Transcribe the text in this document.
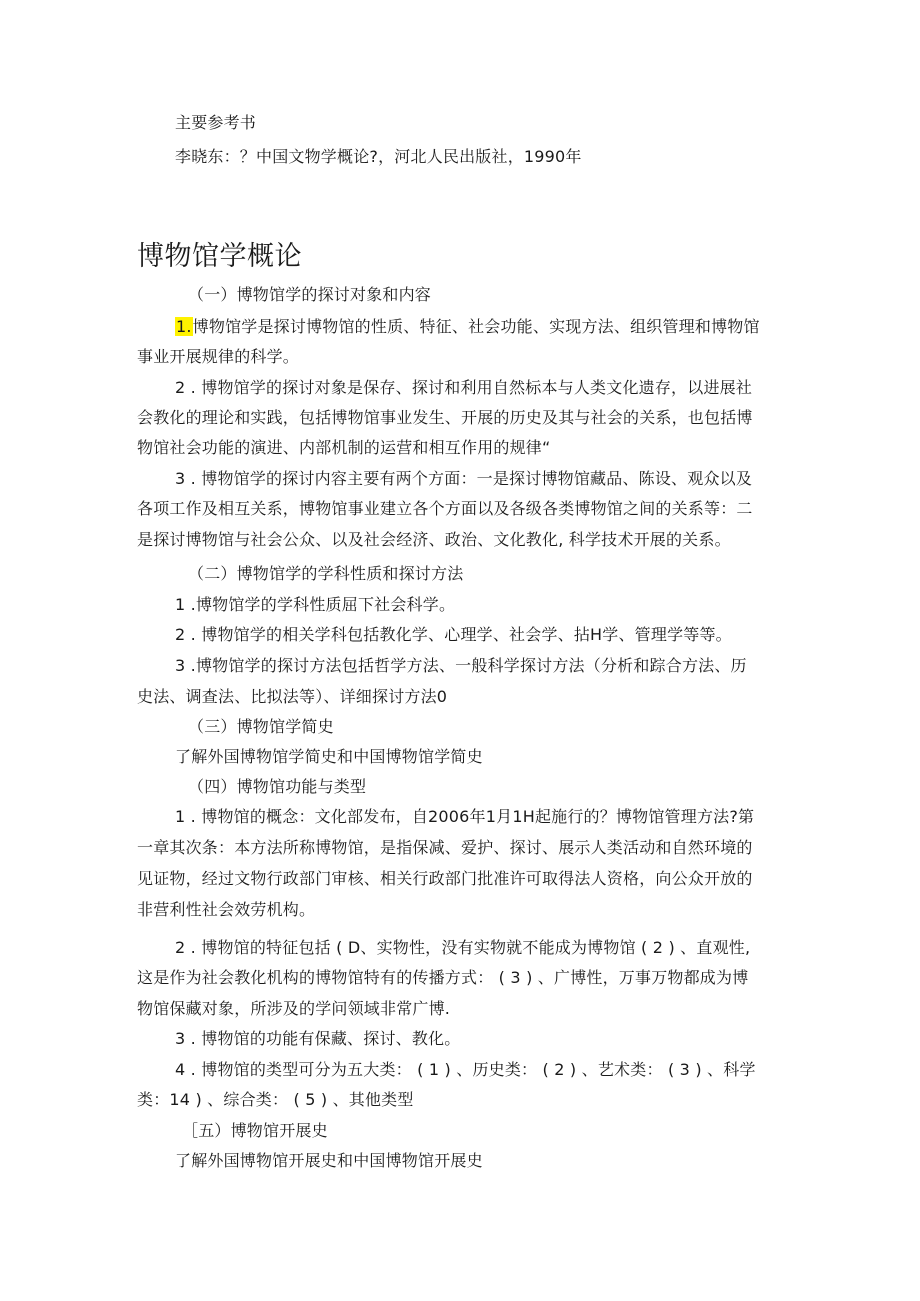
主要参考书
李晓东：？中国文物学概论?，河北人民出版社，1990年
博物馆学概论
（一）博物馆学的探讨对象和内容
1.博物馆学是探讨博物馆的性质、特征、社会功能、实现方法、组织管理和博物馆
事业开展规律的科学。
2 . 博物馆学的探讨对象是保存、探讨和利用自然标本与人类文化遗存，以进展社
会教化的理论和实践，包括博物馆事业发生、开展的历史及其与社会的关系，也包括博
物馆社会功能的演进、内部机制的运营和相互作用的规律“
3 . 博物馆学的探讨内容主要有两个方面：一是探讨博物馆藏品、陈设、观众以及
各项工作及相互关系，博物馆事业建立各个方面以及各级各类博物馆之间的关系等：二
是探讨博物馆与社会公众、以及社会经济、政治、文化教化, 科学技术开展的关系。
（二）博物馆学的学科性质和探讨方法
1 .博物馆学的学科性质屈下社会科学。
2 . 博物馆学的相关学科包括教化学、心理学、社会学、拈H学、管理学等等。
3 .博物馆学的探讨方法包括哲学方法、一般科学探讨方法（分析和踪合方法、历
史法、调查法、比拟法等）、详细探讨方法0
（三）博物馆学简史
了解外国博物馆学简史和中国博物馆学简史
（四）博物馆功能与类型
1 . 博物馆的概念：文化部发布，自2006年1月1H起施行的？博物馆管理方法?第
一章其次条：本方法所称博物馆，是指保减、爱护、探讨、展示人类活动和自然环境的
见证物，经过文物行政部门审核、相关行政部门批准许可取得法人资格，向公众开放的
非营利性社会效劳机构。
2 . 博物馆的特征包括 ( D、实物性，没有实物就不能成为博物馆 ( 2 ) 、直观性,
这是作为社会教化机构的博物馆特有的传播方式： ( 3 ) 、广博性，万事万物都成为博
物馆保藏对象，所涉及的学问领域非常广博.
3 . 博物馆的功能有保藏、探讨、教化。
4 . 博物馆的类型可分为五大类： ( 1 ) 、历史类： ( 2 ) 、艺术类： ( 3 ) 、科学
类：14 ) 、综合类： ( 5 ) 、其他类型
［五）博物馆开展史
了解外国博物馆开展史和中国博物馆开展史
